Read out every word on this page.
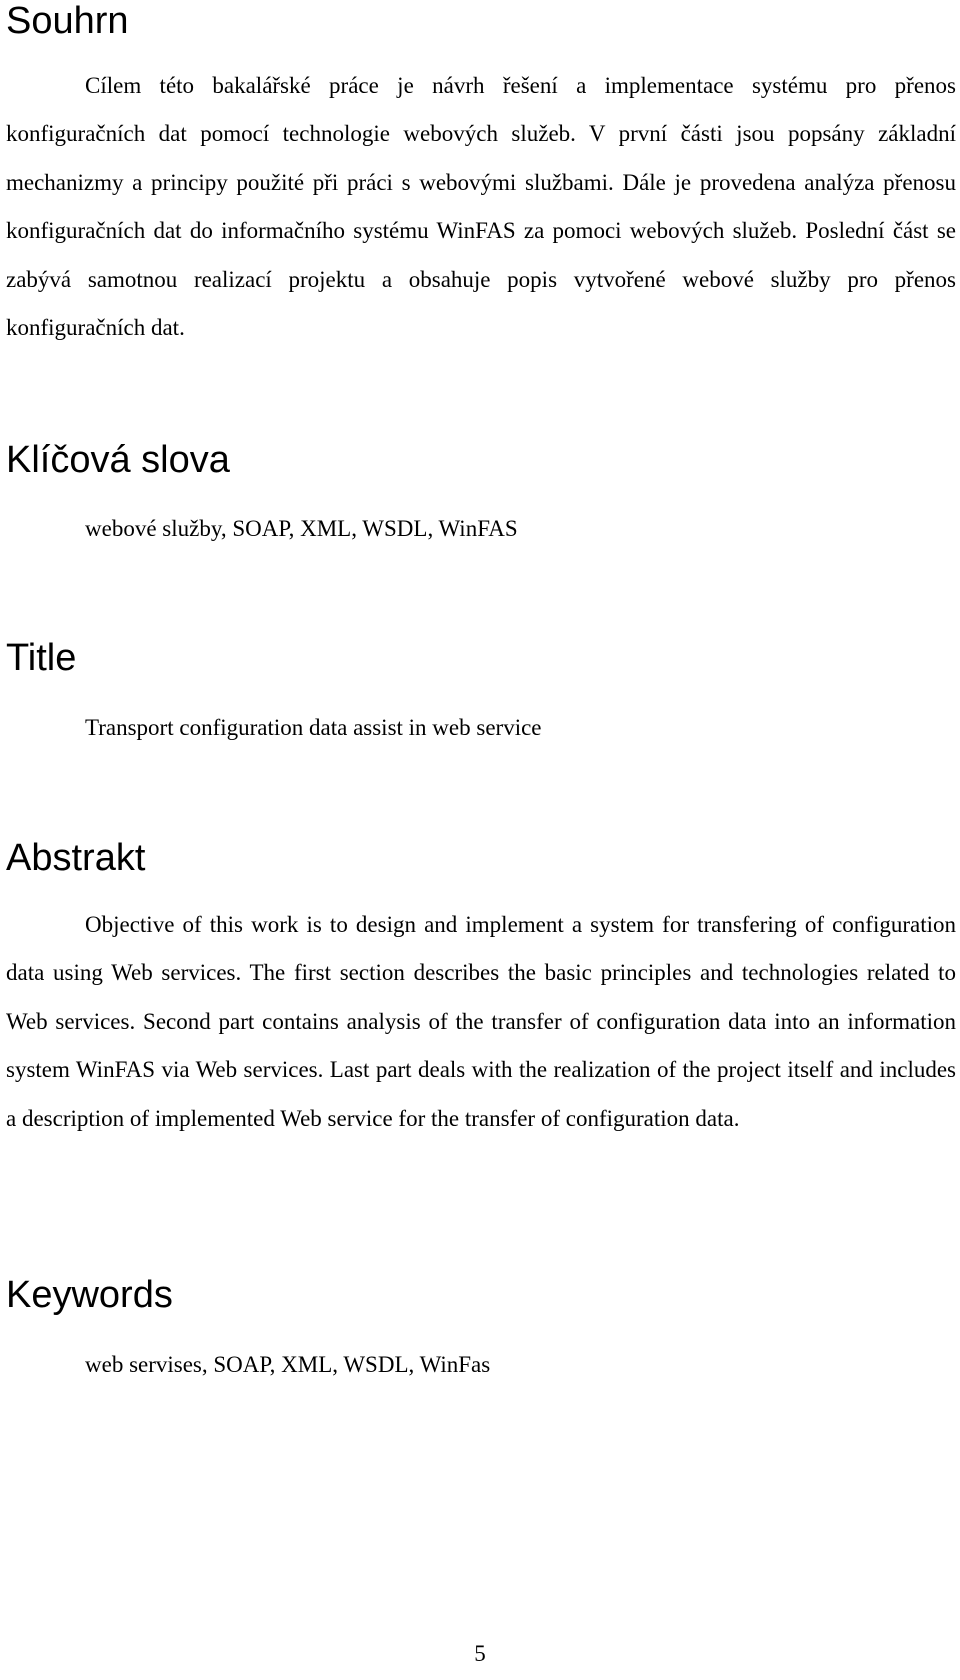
Souhrn

Cílem této bakalářské práce je návrh řešení a implementace systému pro přenos konfiguračních dat pomocí technologie webových služeb. V první části jsou popsány základní mechanizmy a principy použité při práci s webovými službami. Dále je provedena analýza přenosu konfiguračních dat do informačního systému WinFAS za pomoci webových služeb. Poslední část se zabývá samotnou realizací projektu a obsahuje popis vytvořené webové služby pro přenos konfiguračních dat.

Klíčová slova

webové služby, SOAP, XML, WSDL, WinFAS

Title

Transport configuration data assist in web service

Abstrakt

Objective of this work is to design and implement a system for transfering of configuration data using Web services. The first section describes the basic principles and technologies related to Web services. Second part contains analysis of the transfer of configuration data into an information system WinFAS via Web services. Last part deals with the realization of the project itself and includes a description of implemented Web service for the transfer of configuration data.

Keywords

web servises, SOAP, XML, WSDL, WinFas

5
